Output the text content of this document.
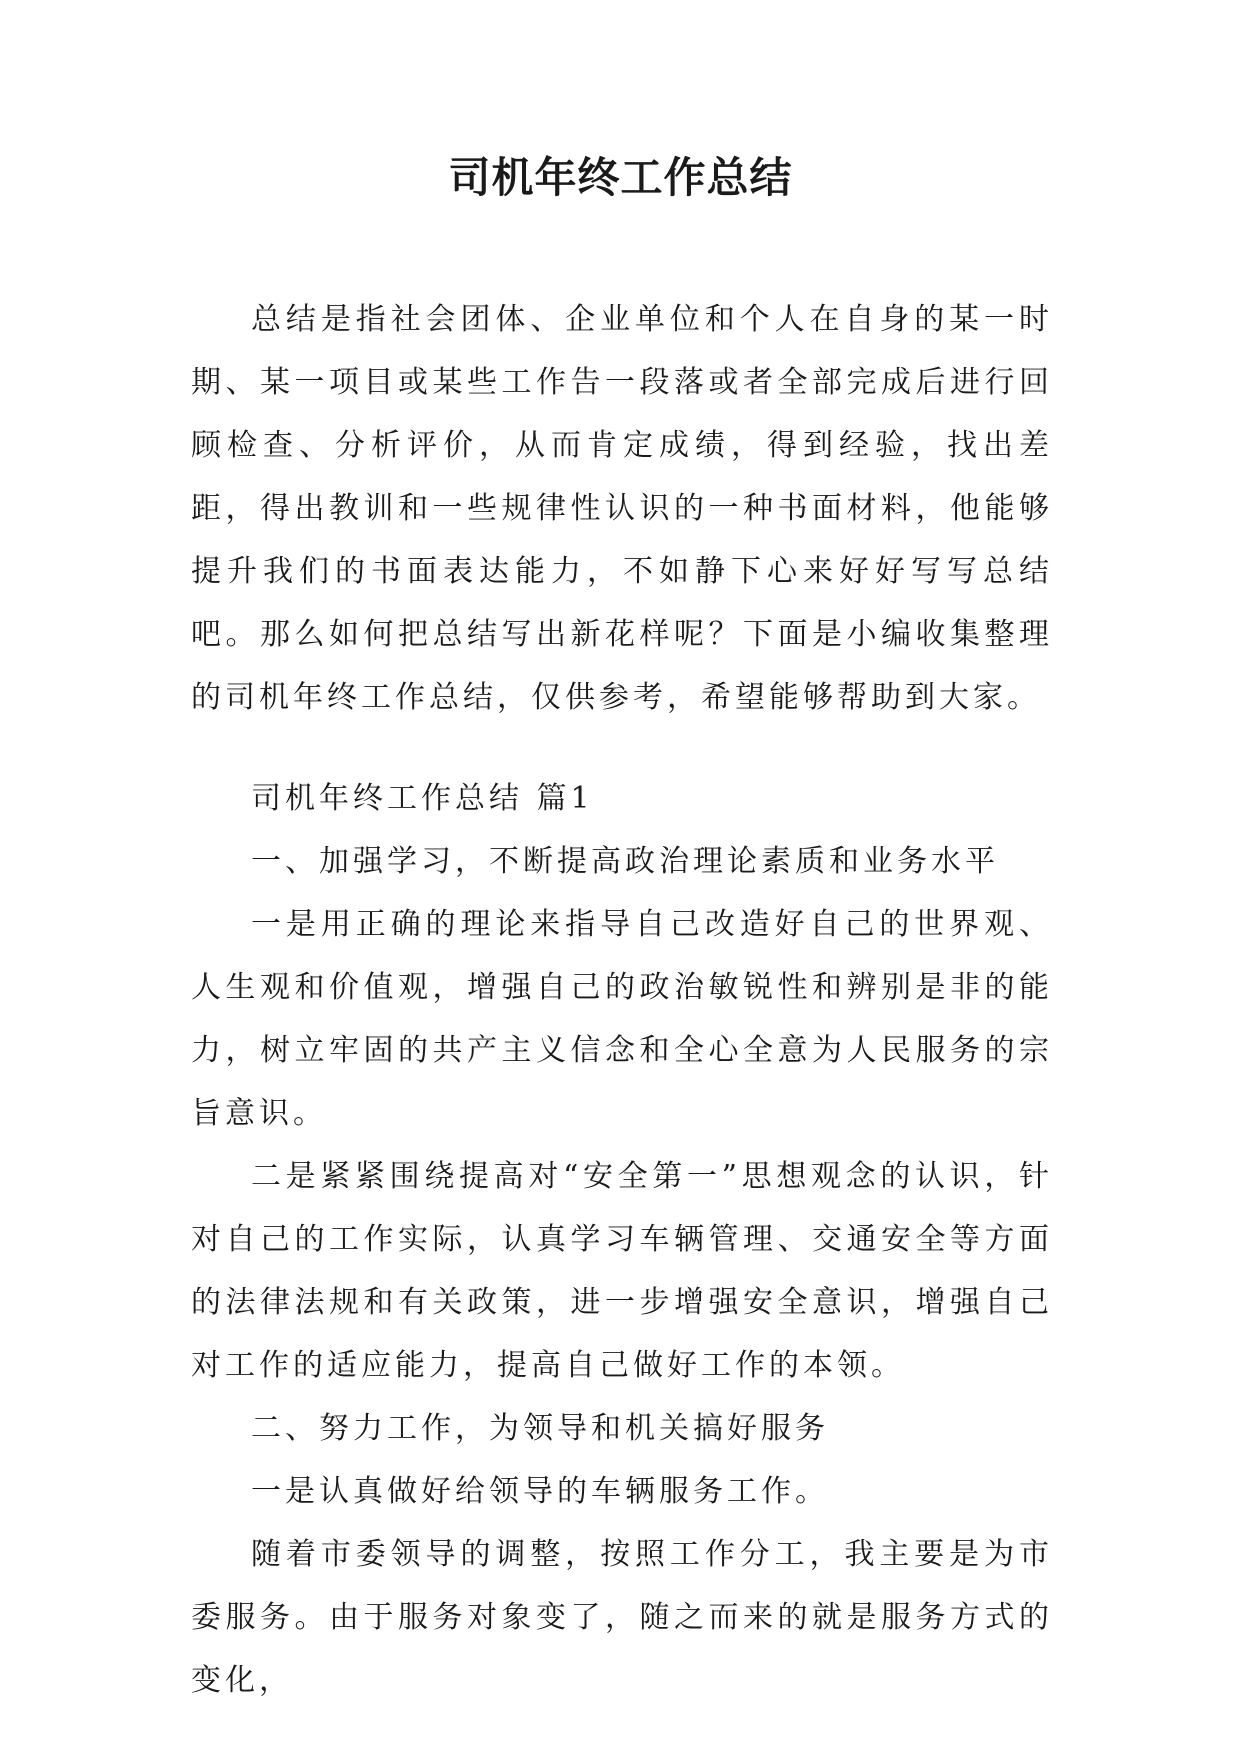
司机年终工作总结

总结是指社会团体、企业单位和个人在自身的某一时期、某一项目或某些工作告一段落或者全部完成后进行回顾检查、分析评价，从而肯定成绩，得到经验，找出差距，得出教训和一些规律性认识的一种书面材料，他能够提升我们的书面表达能力，不如静下心来好好写写总结吧。那么如何把总结写出新花样呢？下面是小编收集整理的司机年终工作总结，仅供参考，希望能够帮助到大家。

司机年终工作总结 篇1

一、加强学习，不断提高政治理论素质和业务水平

一是用正确的理论来指导自己改造好自己的世界观、人生观和价值观，增强自己的政治敏锐性和辨别是非的能力，树立牢固的共产主义信念和全心全意为人民服务的宗旨意识。

二是紧紧围绕提高对“安全第一”思想观念的认识，针对自己的工作实际，认真学习车辆管理、交通安全等方面的法律法规和有关政策，进一步增强安全意识，增强自己对工作的适应能力，提高自己做好工作的本领。

二、努力工作，为领导和机关搞好服务

一是认真做好给领导的车辆服务工作。

随着市委领导的调整，按照工作分工，我主要是为市委服务。由于服务对象变了，随之而来的就是服务方式的变化，
